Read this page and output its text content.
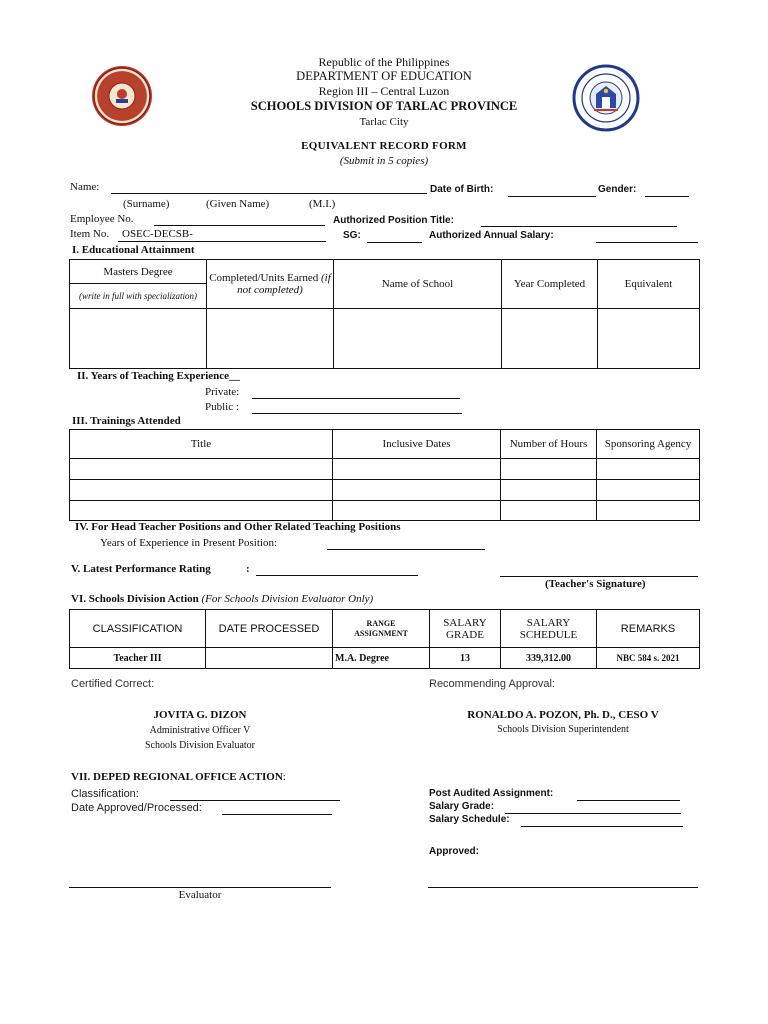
Republic of the Philippines
DEPARTMENT OF EDUCATION
Region III – Central Luzon
SCHOOLS DIVISION OF TARLAC PROVINCE
Tarlac City
EQUIVALENT RECORD FORM
(Submit in 5 copies)
Name:	Date of Birth:	Gender:
(Surname)	(Given Name)	(M.I.)
Employee No.	Authorized Position Title:
Item No.	OSEC-DECSB-	SG:	Authorized Annual Salary:
I. Educational Attainment
Masters Degree	Completed/Units Earned (if not completed)	Name of School	Year Completed	Equivalent
(write in full with specialization)				

II. Years of Teaching Experience__
Private:
Public :
III. Trainings Attended
Title	Inclusive Dates	Number of Hours	Sponsoring Agency

IV. For Head Teacher Positions and Other Related Teaching Positions
Years of Experience in Present Position:
V. Latest Performance Rating	:
(Teacher's Signature)
VI. Schools Division Action (For Schools Division Evaluator Only)
CLASSIFICATION	DATE PROCESSED	RANGE ASSIGNMENT	SALARY GRADE	SALARY SCHEDULE	REMARKS
Teacher III		M.A. Degree	13	339,312.00	NBC 584 s. 2021
Certified Correct:	Recommending Approval:
JOVITA G. DIZON
Administrative Officer V
Schools Division Evaluator
RONALDO A. POZON, Ph. D., CESO V
Schools Division Superintendent
VII. DEPED REGIONAL OFFICE ACTION:
Classification:
Date Approved/Processed:
Post Audited Assignment:
Salary Grade:
Salary Schedule:
Approved:
Evaluator
